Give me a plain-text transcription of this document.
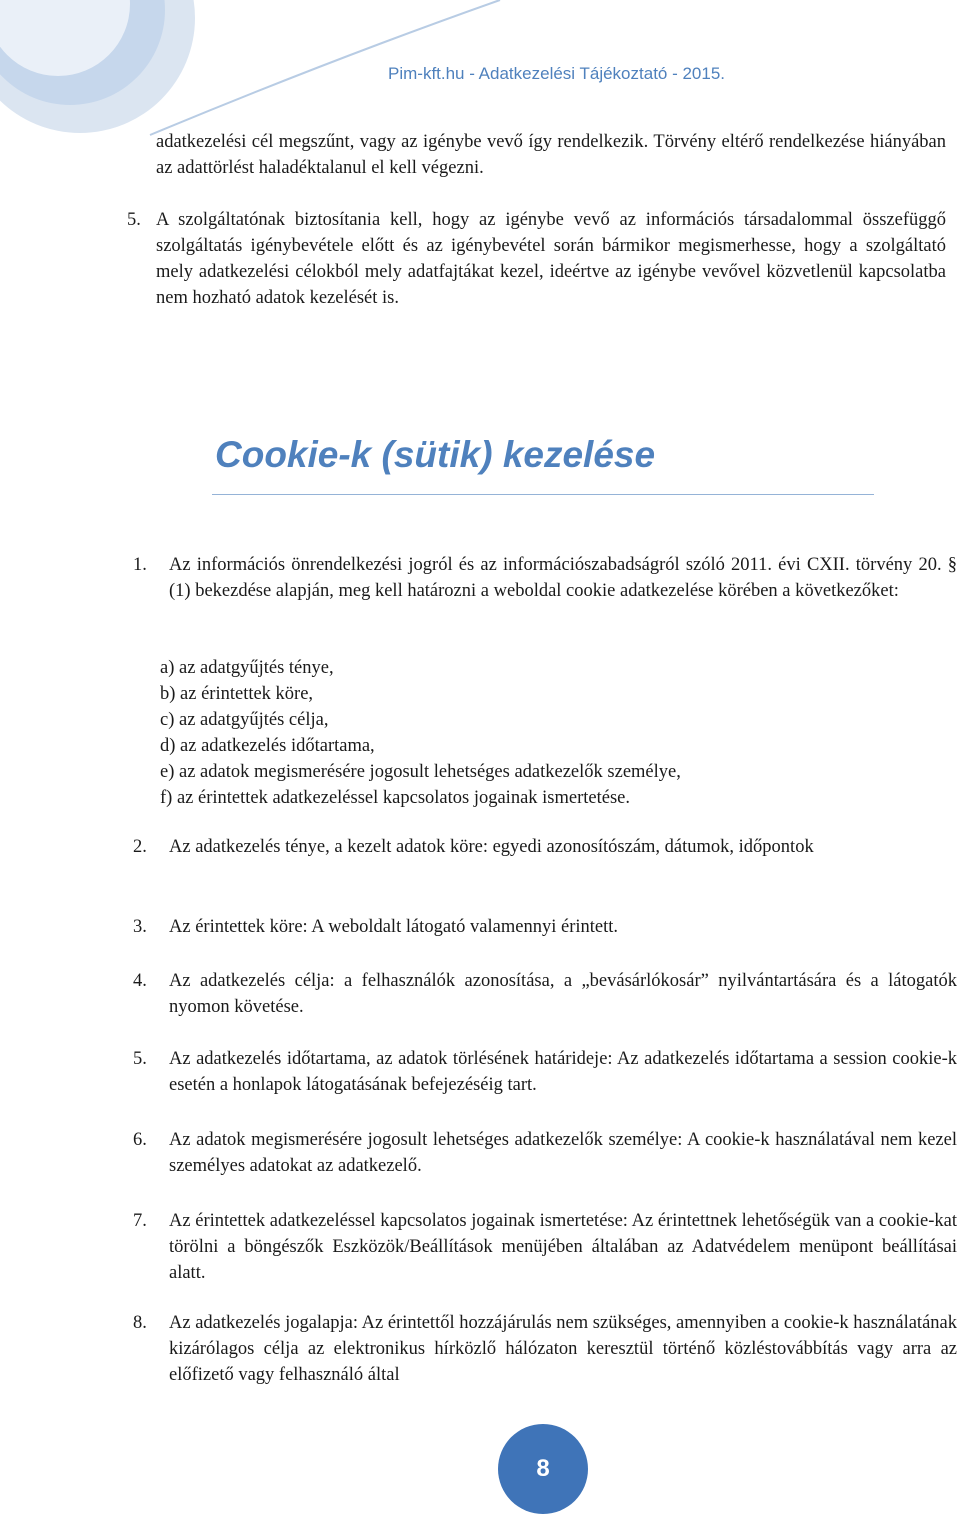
Pim-kft.hu - Adatkezelési Tájékoztató - 2015.

adatkezelési cél megszűnt, vagy az igénybe vevő így rendelkezik. Törvény eltérő rendelkezése hiányában az adattörlést haladéktalanul el kell végezni.

5. A szolgáltatónak biztosítania kell, hogy az igénybe vevő az információs társadalommal összefüggő szolgáltatás igénybevétele előtt és az igénybevétel során bármikor megismerhesse, hogy a szolgáltató mely adatkezelési célokból mely adatfajtákat kezel, ideértve az igénybe vevővel közvetlenül kapcsolatba nem hozható adatok kezelését is.

Cookie-k (sütik) kezelése

1. Az információs önrendelkezési jogról és az információszabadságról szóló 2011. évi CXII. törvény 20. § (1) bekezdése alapján, meg kell határozni a weboldal cookie adatkezelése körében a következőket:

a) az adatgyűjtés ténye,

b) az érintettek köre,

c) az adatgyűjtés célja,

d) az adatkezelés időtartama,

e) az adatok megismerésére jogosult lehetséges adatkezelők személye,

f) az érintettek adatkezeléssel kapcsolatos jogainak ismertetése.

2. Az adatkezelés ténye, a kezelt adatok köre: egyedi azonosítószám, dátumok, időpontok

3. Az érintettek köre: A weboldalt látogató valamennyi érintett.

4. Az adatkezelés célja: a felhasználók azonosítása, a „bevásárlókosár” nyilvántartására és a látogatók nyomon követése.

5. Az adatkezelés időtartama, az adatok törlésének határideje: Az adatkezelés időtartama a session cookie-k esetén a honlapok látogatásának befejezéséig tart.

6. Az adatok megismerésére jogosult lehetséges adatkezelők személye: A cookie-k használatával nem kezel személyes adatokat az adatkezelő.

7. Az érintettek adatkezeléssel kapcsolatos jogainak ismertetése: Az érintettnek lehetőségük van a cookie-kat törölni a böngészők Eszközök/Beállítások menüjében általában az Adatvédelem menüpont beállításai alatt.

8. Az adatkezelés jogalapja: Az érintettől hozzájárulás nem szükséges, amennyiben a cookie-k használatának kizárólagos célja az elektronikus hírközlő hálózaton keresztül történő közléstovábbítás vagy arra az előfizető vagy felhasználó által

8
